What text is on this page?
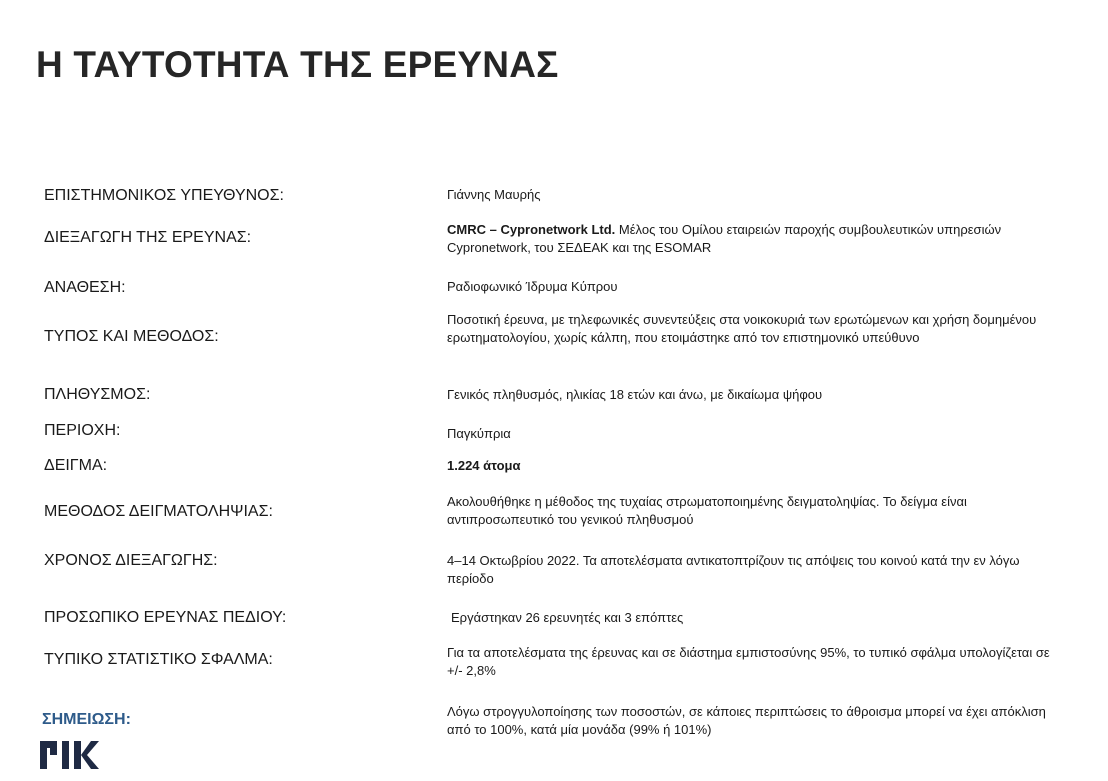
Η ΤΑΥΤΟΤΗΤΑ ΤΗΣ ΕΡΕΥΝΑΣ
ΕΠΙΣΤΗΜΟΝΙΚΟΣ ΥΠΕΥΘΥΝΟΣ:	Γιάννης Μαυρής
ΔΙΕΞΑΓΩΓΗ ΤΗΣ ΕΡΕΥΝΑΣ:	CMRC – Cypronetwork Ltd. Μέλος του Ομίλου εταιρειών παροχής συμβουλευτικών υπηρεσιών Cypronetwork, του ΣΕΔΕΑΚ και της ESOMAR
ΑΝΑΘΕΣΗ:	Ραδιοφωνικό Ίδρυμα Κύπρου
ΤΥΠΟΣ ΚΑΙ ΜΕΘΟΔΟΣ:
Ποσοτική έρευνα, με τηλεφωνικές συνεντεύξεις στα νοικοκυριά των ερωτώμενων και χρήση δομημένου ερωτηματολογίου, χωρίς κάλπη, που ετοιμάστηκε από τον επιστημονικό υπεύθυνο
ΠΛΗΘΥΣΜΟΣ:	Γενικός πληθυσμός, ηλικίας 18 ετών και άνω, με δικαίωμα ψήφου
ΠΕΡΙΟΧΗ:	Παγκύπρια
ΔΕΙΓΜΑ:	1.224 άτομα
ΜΕΘΟΔΟΣ ΔΕΙΓΜΑΤΟΛΗΨΙΑΣ:
Ακολουθήθηκε η μέθοδος της τυχαίας στρωματοποιημένης δειγματοληψίας. Το δείγμα είναι αντιπροσωπευτικό του γενικού πληθυσμού
ΧΡΟΝΟΣ ΔΙΕΞΑΓΩΓΗΣ:	4–14 Οκτωβρίου 2022. Τα αποτελέσματα αντικατοπτρίζουν τις απόψεις του κοινού κατά την εν λόγω περίοδο
ΠΡΟΣΩΠΙΚΟ ΕΡΕΥΝΑΣ ΠΕΔΙΟΥ:	Εργάστηκαν 26 ερευνητές και 3 επόπτες
ΤΥΠΙΚΟ ΣΤΑΤΙΣΤΙΚΟ ΣΦΑΛΜΑ:	Για τα αποτελέσματα της έρευνας και σε διάστημα εμπιστοσύνης 95%, το τυπικό σφάλμα υπολογίζεται σε +/- 2,8%
ΣΗΜΕΙΩΣΗ:	Λόγω στρογγυλοποίησης των ποσοστών, σε κάποιες περιπτώσεις το άθροισμα μπορεί να έχει απόκλιση από το 100%, κατά μία μονάδα (99% ή 101%)
